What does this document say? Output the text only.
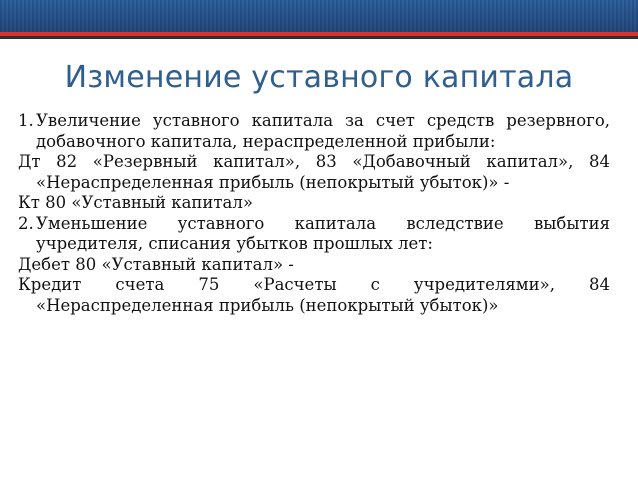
Изменение уставного капитала

1. Увеличение уставного капитала за счет средств резервного, добавочного капитала, нераспределенной прибыли:

Дт 82 «Резервный капитал», 83 «Добавочный капитал», 84 «Нераспределенная прибыль (непокрытый убыток)» -

Кт 80 «Уставный капитал»

2. Уменьшение уставного капитала вследствие выбытия учредителя, списания убытков прошлых лет:

Дебет 80 «Уставный капитал» -

Кредит счета 75 «Расчеты с учредителями», 84 «Нераспределенная прибыль (непокрытый убыток)»
